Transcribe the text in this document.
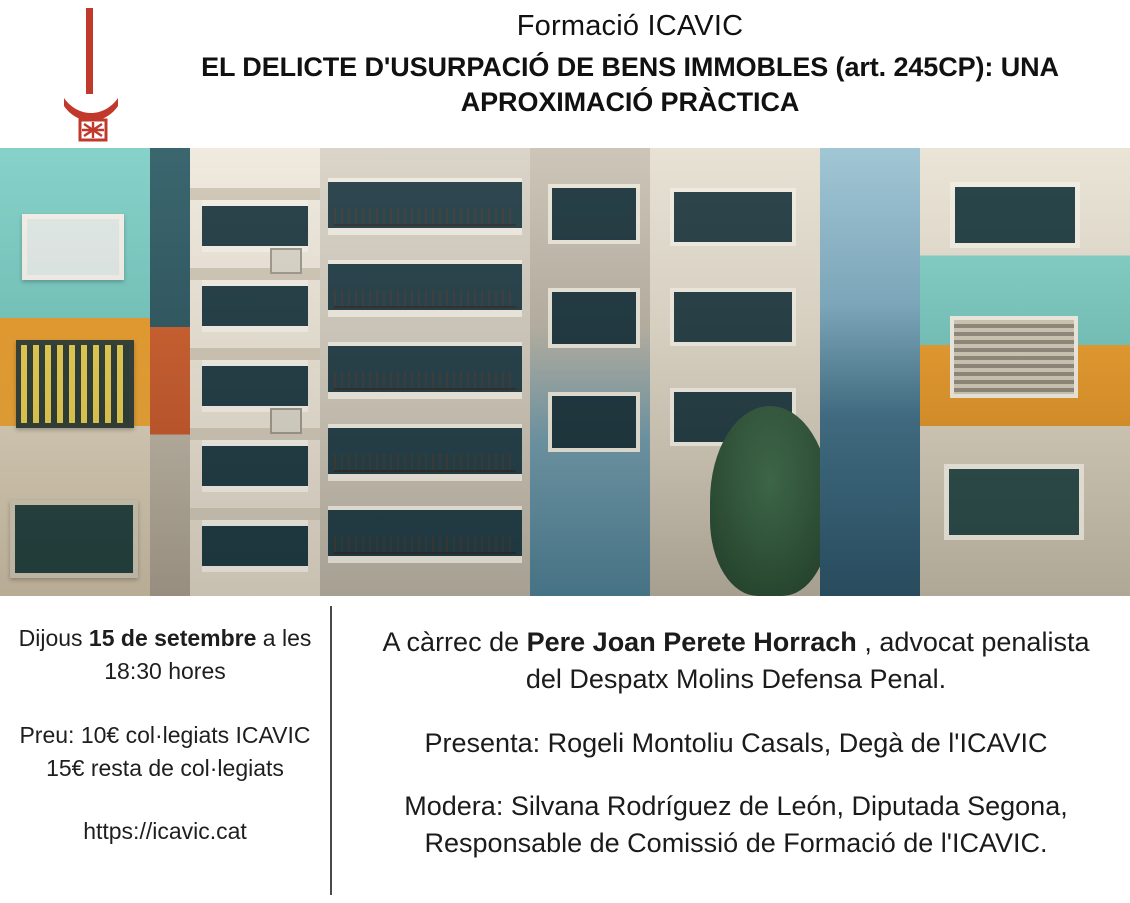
Formació ICAVIC
EL DELICTE D'USURPACIÓ DE BENS IMMOBLES (art. 245CP): UNA APROXIMACIÓ PRÀCTICA
Dijous 15 de setembre a les 18:30 hores
Preu: 10€ col·legiats ICAVIC
15€ resta de col·legiats
https://icavic.cat
A càrrec de Pere Joan Perete Horrach , advocat penalista del Despatx Molins Defensa Penal.
Presenta: Rogeli Montoliu Casals, Degà de l'ICAVIC
Modera: Silvana Rodríguez de León, Diputada Segona, Responsable de Comissió de Formació de l'ICAVIC.
